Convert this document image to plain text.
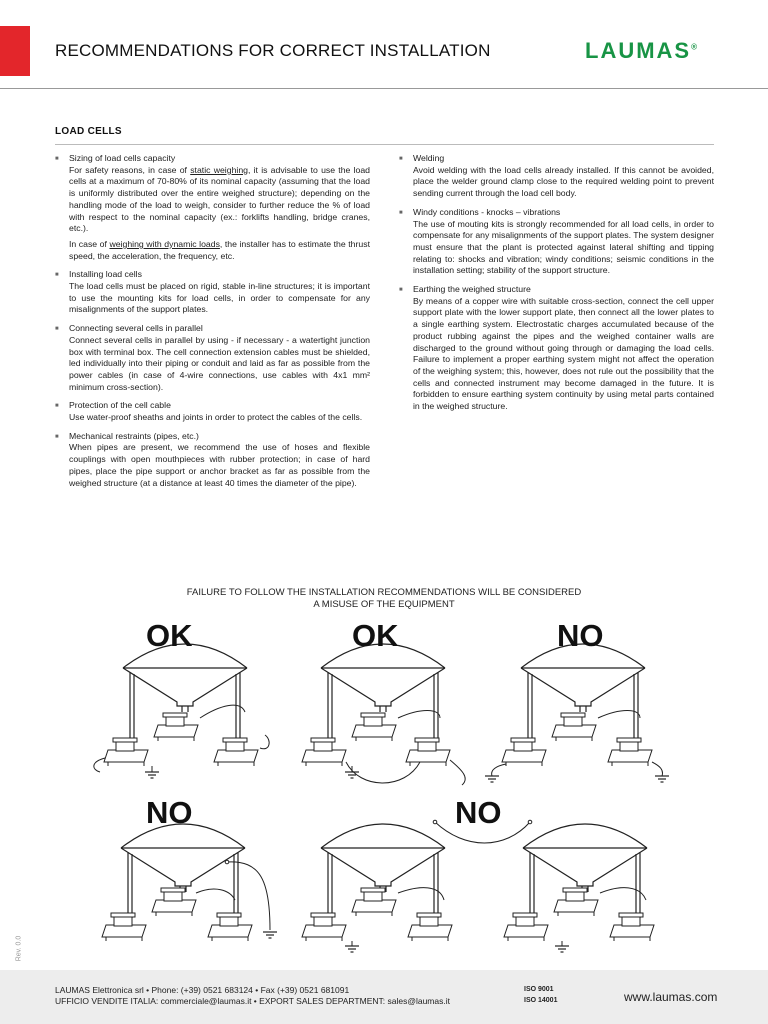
RECOMMENDATIONS FOR CORRECT INSTALLATION	LAUMAS®
LOAD CELLS
■ Sizing of load cells capacity
For safety reasons, in case of static weighing, it is advisable to use the load cells at a maximum of 70-80% of its nominal capacity (assuming that the load is uniformly distributed over the entire weighed structure); depending on the handling mode of the load to weigh, consider to further reduce the % of load with respect to the nominal capacity (ex.: forklifts handling, bridge cranes, etc.).
In case of weighing with dynamic loads, the installer has to estimate the thrust speed, the acceleration, the frequency, etc.
■ Installing load cells
The load cells must be placed on rigid, stable in-line structures; it is important to use the mounting kits for load cells, in order to compensate for any misalignments of the support plates.
■ Connecting several cells in parallel
Connect several cells in parallel by using - if necessary - a watertight junction box with terminal box. The cell connection extension cables must be shielded, led individually into their piping or conduit and laid as far as possible from the power cables (in case of 4-wire connections, use cables with 4x1 mm² minimum cross-section).
■ Protection of the cell cable
Use water-proof sheaths and joints in order to protect the cables of the cells.
■ Mechanical restraints (pipes, etc.)
When pipes are present, we recommend the use of hoses and flexible couplings with open mouthpieces with rubber protection; in case of hard pipes, place the pipe support or anchor bracket as far as possible from the weighed structure (at a distance at least 40 times the diameter of the pipe).
■ Welding
Avoid welding with the load cells already installed. If this cannot be avoided, place the welder ground clamp close to the required welding point to prevent sending current through the load cell body.
■ Windy conditions - knocks – vibrations
The use of mouting kits is strongly recommended for all load cells, in order to compensate for any misalignments of the support plates. The system designer must ensure that the plant is protected against lateral shifting and tipping relating to: shocks and vibration; windy conditions; seismic conditions in the installation setting; stability of the support structure.
■ Earthing the weighed structure
By means of a copper wire with suitable cross-section, connect the cell upper support plate with the lower support plate, then connect all the lower plates to a single earthing system. Electrostatic charges accumulated because of the product rubbing against the pipes and the weighed container walls are discharged to the ground without going through or damaging the load cells. Failure to implement a proper earthing system might not affect the operation of the weighing system; this, however, does not rule out the possibility that the cells and connected instrument may become damaged in the future. It is forbidden to ensure earthing system continuity by using metal parts contained in the weighed structure.
FAILURE TO FOLLOW THE INSTALLATION RECOMMENDATIONS WILL BE CONSIDERED
A MISUSE OF THE EQUIPMENT
OK	OK	NO
NO	NO
Rev. 0.0
LAUMAS Elettronica srl • Phone: (+39) 0521 683124 • Fax (+39) 0521 681091
UFFICIO VENDITE ITALIA: commerciale@laumas.it • EXPORT SALES DEPARTMENT: sales@laumas.it
ISO 9001
ISO 14001	www.laumas.com
